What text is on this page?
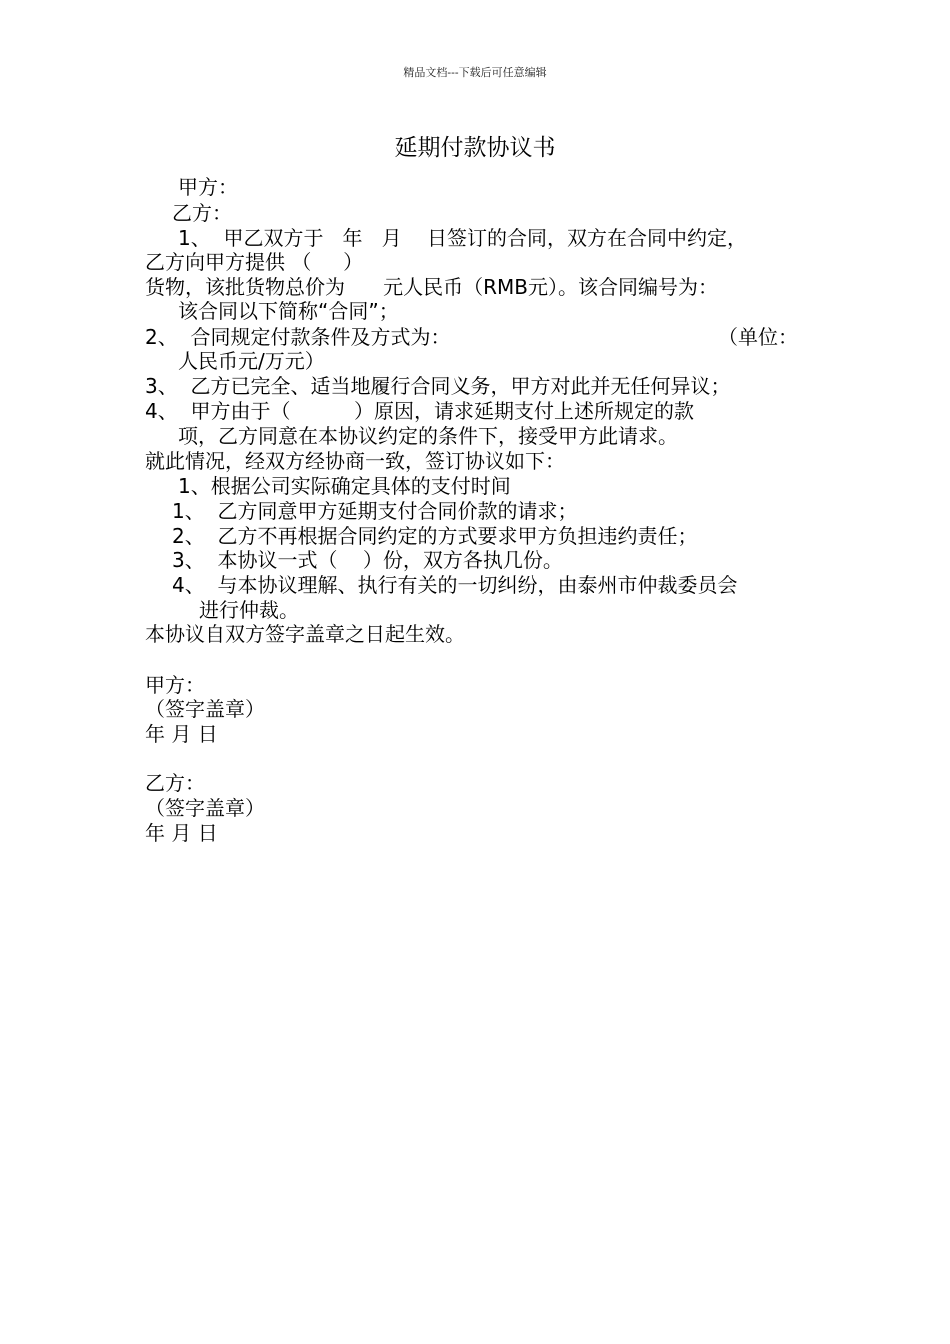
精品文档---下载后可任意编辑
延期付款协议书
甲方：
乙方：
1、  甲乙双方于   年   月    日签订的合同，双方在合同中约定，
乙方向甲方提供 （     ）
货物，该批货物总价为      元人民币（RMB元）。该合同编号为：
该合同以下简称“合同”；
2、  合同规定付款条件及方式为：	（单位：
人民币元/万元）
3、  乙方已完全、适当地履行合同义务，甲方对此并无任何异议；
4、  甲方由于（          ）原因，请求延期支付上述所规定的款
项，乙方同意在本协议约定的条件下，接受甲方此请求。
就此情况，经双方经协商一致，签订协议如下：
1、根据公司实际确定具体的支付时间
1、  乙方同意甲方延期支付合同价款的请求；
2、  乙方不再根据合同约定的方式要求甲方负担违约责任；
3、  本协议一式（    ）份，双方各执几份。
4、  与本协议理解、执行有关的一切纠纷，由泰州市仲裁委员会
进行仲裁。
本协议自双方签字盖章之日起生效。
甲方：
（签字盖章）
年 月 日
乙方：
（签字盖章）
年 月 日
